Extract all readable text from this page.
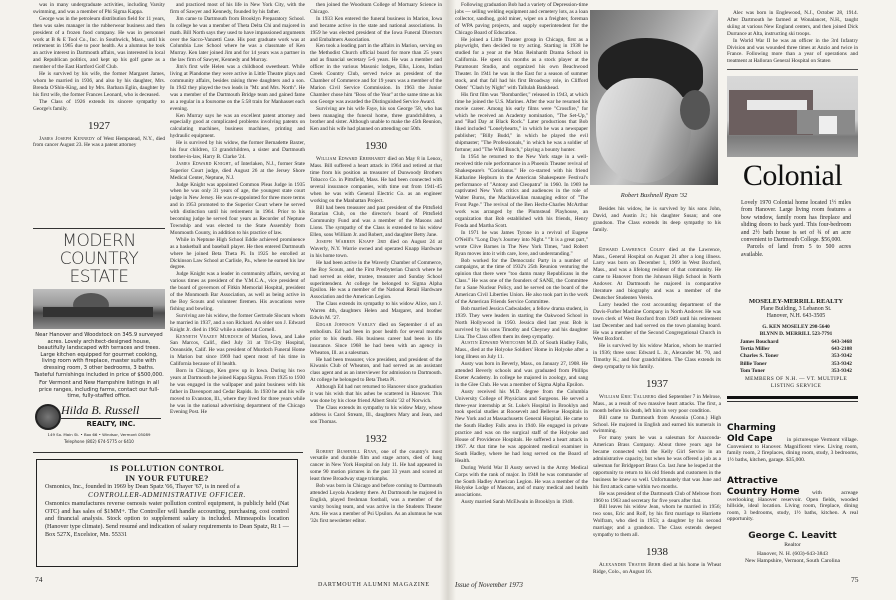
was in many undergraduate activities, including Varsity swimming, and was a member of Phi Sigma Kappa.

George was in the petroleum distribution field for 11 years, then was sales manager in the rubberwear business and then president of a frozen food company. He was in personnel work at B & E Tool Co., Inc. in Southwick, Mass., until his retirement in 1965 due to poor health. As a alumnus he took an active interest in Dartmouth affairs, was interested in local and Republican politics, and kept up his golf game as a member of the East Hartford Golf Club.

He is survived by his wife, the former Margaret James, whom he married in 1936, and also by his daughter, Mrs. Brenda O'Shin-King, and by Mrs. Barbara Eglin, daughter by his first wife, the former Frances Leonard, who is deceased.

The Class of 1926 extends its sincere sympathy to George's family.

1927

James Joseph Kennedy of West Hempstead, N.Y., died from cancer August 23. He was a patent attorney

and practiced most of his life in New York City, with the firm of Sawyer and Kennedy, founded by his father.

Jim came to Dartmouth from Brooklyn Preparatory School. In college he was a member of Theta Delta Chi and majored in math. Bill North says they used to have impassioned arguments over the Sacco-Vanzetti Case. His post graduate work was at Columbia Law School where he was a classmate of Ken Murray. Ken later joined Jim and for 14 years was a partner in the law firm of Sawyer, Kennedy and Murray.

Jim's first wife Helen was a childhood sweetheart. While living at Plandome they were active in Little Theatre plays and community affairs, besides raising three daughters and a son. In 1942 they played the two leads in "Mr. and Mrs. North". He was a member of the Dartmouth Bridge team and gained fame as a regular in a foursome on the 5:58 train for Manhasset each evening.

Ken Murray says he was an excellent patent attorney and especially good at complicated problems involving patents on calculating machines, business machines, printing and hydraulic equipment.

He is survived by his widow, the former Bernadette Baxter, his four children, 13 grandchildren, a sister and Dartmouth brother-in-law, Harry B. Clarke '24.

James Edward Knight, of Interlaken, N.J., former State Superior Court judge, died August 26 at the Jersey Shore Medical Center, Neptune, N.J.

Judge Knight was appointed Common Pleas Judge in 1935 when he was only 31 years of age, the youngest state court judge in New Jersey. He was re-appointed for three more terms and in 1953 promoted to the Superior Court where he served with distinction until his retirement in 1964. Prior to his becoming judge he served four years as Recorder of Neptune Township and was elected to the State Assembly from Monmouth County, in addition to his practice of law.

While in Neptune High School Eddie achieved prominence as a basketball and baseball player. He then entered Dartmouth where he joined Beta Theta Pi. In 1925 he enrolled at Dickinson Law School at Carlisle, Pa., where he earned his law degree.

Judge Knight was a leader in community affairs, serving at various times as president of the Y.M.C.A., vice president of the board of governors of Fitkin Memorial Hospital, president of the Monmouth Bar Association, as well as being active in the Boy Scouts and volunteer firemen. His avocations were fishing and bowling.

Surviving are his widow, the former Gertrude Slocum whom he married in 1937, and a son Richard. An older son J. Edward Knight Jr. died in 1962 while a student at Cornell.

Kenneth Veazey Murdoch of Marion, Iowa, and Lake San Marcos, Calif., died July 31 at Tri-City Hospital, Oceanside, Calif. He was president of Murdoch Funeral Home in Marion but since 1969 had spent most of his time in California because of ill health.

Born in Chicago, Ken grew up in Iowa. During his two years at Dartmouth he joined Kappa Sigma. From 1925 to 1930 he was engaged in the wallpaper and paint business with his father in Davenport and Cedar Rapids. In 1930 he and his wife moved to Evanston, Ill., where they lived for three years while he was in the national advertising department of the Chicago Evening Post. He

then joined the Woodsum College of Mortuary Science in Chicago.

In 1933 Ken entered the funeral business in Marion, Iowa and became active in the state and national associations. In 1959 he was elected president of the Iowa Funeral Directors and Embalmers Association.

Ken took a leading part in the affairs in Marion, serving on the Methodist Church official board for more than 25 years and as financial secretary 5-6 years. He was a member and officer in the various Masonic lodges, Elks, Lions, Indian Creek Country Club, served twice as president of the Chamber of Commerce and for 19 years was a member of the Marion Civil Service Commission. In 1963 the Junior Chamber chose him "Boss of the Year" at the same time as his son George was awarded the Distinguished Service Award.

Surviving are his wife Faye, his son George '58, who has been managing the funeral home, three grandchildren, a brother and sister. Although unable to make the 45th Reunion, Ken and his wife had planned on attending our 50th.

1930

William Edward Eberhardt died on May 8 in Lenox, Mass. Bill suffered a heart attack in 1964 and retired at that time from his position as treasurer of Dunwoody Brothers Tobacco Co. in Pittsfield, Mass. He had been connected with several insurance companies, with time out from 1941-45 when he was with General Electric Co. as an engineer working on the Manhattan Project.

Bill had been treasurer and past president of the Pittsfield Rotarian Club, on the director's board of Pittsfield Community Fund and was a member of the Masons and Lions. The sympathy of the Class is extended to his widow Ellen, sons William Jr. and Robert, and daughter Betty Jane.

Joseph Warren Knapp 3rd died on August 24 at Waverly, N.Y. Warrie owned and operated Knapp Hardware in his home town.

He had been active in the Waverly Chamber of Commerce, the Boy Scouts, and the First Presbyterian Church where he had served as elder, trustee, treasurer and Sunday School superintendent. At college he belonged to Sigma Alpha Epsilon. He was a member of the National Retail Hardware Association and the American Legion.

The Class extends its sympathy to his widow Alice, son J. Warren 4th, daughters Helen and Margaret, and brother Edwin M. '27.

Edgar Johnson Varley died on September 4 of an embolism. Ed had been in poor health for several months prior to his death. His business career had been in life insurance. Since 1968 he had been with an agency in Wheaton, Ill. as a salesman.

He had been treasurer, vice president, and president of the Kiwanis Club of Wheaton, and had served as an assistant class agent and as an interviewer for admission to Dartmouth. At college he belonged to Beta Theta Pi.

Although Ed had not returned to Hanover since graduation it was his wish that his ashes be scattered in Hanover. This was done by his close friend Albert Stolz '32 of Norwich.

The Class extends its sympathy to his widow Mary, whose address is Carol Stream, Ill., daughters Mary and Jean, and son Thomas.

1932

Robert Bushnell Ryan, one of the country's most versatile and durable film and stage actors, died of lung cancer in New York Hospital on July 11. He had appeared in some 90 motion pictures in the past 33 years and scored at least three Broadway stage triumphs.

Bob was born in Chicago and before coming to Dartmouth attended Loyola Academy there. At Dartmouth he majored in English, played freshman football, was a member of the varsity boxing team, and was active in the Students Theater Arts. He was a member of Psi Upsilon. As an alumnus he was '32s first newsletter editor.

MODERN COUNTRY ESTATE

Near Hanover and Woodstock on 345.9 surveyed acres. Lovely architect-designed house, beautifully landscaped with terraces and trees. Large kitchen equipped for gourmet cooking, living room with fireplace, master suite with dressing room, 3 other bedrooms, 3 baths. Tasteful furnishings included in price of $500,000.

For Vermont and New Hampshire listings in all price ranges, including farms, contact our full-time, fully-staffed office.

Hilda B. Russell
REALTY, INC.
149 So. Main St. • Box 66 • Windsor, Vermont 05089
Telephone (802) 674-5775 or 6410
IS POLLUTION CONTROL
IN YOUR FUTURE?

Osmonics, Inc., founded in 1969 by Dean Spatz '66, Thayer '67, is in need of a

CONTROLLER-ADMINISTRATIVE OFFICER.

Osmonics manufactures reverse osmosis water pollution control equipment, is publicly held (Nat OTC) and has sales of $1MM+. The Controller will handle accounting, purchasing, cost control and financial analysis. Stock option to supplement salary is included. Minneapolis location (Hanover type climate). Send resumé and indication of salary requirements to Dean Spatz, Rt 1 — Box 527X, Excelsior, Mn. 55331

74
DARTMOUTH ALUMNI MAGAZINE

Following graduation Bob had a variety of Depression-time jobs — selling welding equipment and cemetery lots, as a loan collector, sandhog, gold miner, wiper on a freighter, foreman of WPA paving projects, and supply superintendent for the Chicago Board of Education.

He joined a Little Theater group in Chicago, first as a playwright, then decided to try acting. Starting in 1938 he studied for a year at the Max Reinhardt Drama School in California. He spent six months as a stock player at the Paramount Studio, and organized his own Beachwood Theater. In 1941 he was in the East for a season of summer stock, and that fall had his first Broadway role, in Clifford Odets' "Clash by Night" with Tallulah Bankhead.

His first film was "Bombardier," released in 1943, at which time he joined the U.S. Marines. After the war he resumed his movie career. Among his early films were "Crossfire," for which he received an Academy nomination, "The Set-Up," and "Bad Day at Black Rock." Later productions that Bob liked included "Lonelyhearts," in which he was a newspaper publisher; "Billy Budd," in which he played the evil shipmaster; "The Professionals," in which he was a soldier of fortune; and "The Wild Bunch," playing a bounty hunter.

In 1954 he returned to the New York stage in a well-received title role performance in a Phoenix Theater revival of Shakespeare's "Coriolanus." He co-starred with his friend Katharine Hepburn in the American Shakespeare Festival's performance of "Antony and Cleopatra" in 1960. In 1969 he captivated New York critics and audiences in the role of Walter Burns, the Machiavellian managing editor of "The Front Page." The revival of the Ben Hecht-Charles McArthur work was arranged by the Plumstead Playhouse, an organization that Bob established with his friends, Henry Fonda and Martha Scott.

In 1971 he was James Tyrone in a revival of Eugene O'Neill's "Long Day's Journey into Night." "It is a great part," wrote Clive Barnes in The New York Times, "and Robert Ryan moves into it with care, love, and understanding."

Bob worked for the Democratic Party in a number of campaigns, at the time of 1932's 25th Reunion venturing the opinion that there were "too damn many Republicans in the Class." He was one of the founders of SANE, the Committee for a Sane Nuclear Policy, and he served on the board of the American Civil Liberties Union. He also took part in the work of the American Friends Service Committee.

Bob married Jessica Cadwalader, a fellow drama student, in 1939. They were leaders in starting the Oakwood School in North Hollywood in 1950. Jessica died last year. Bob is survived by his sons Timothy and Cheyney and his daughter Lisa. The Class offers them its deep sympathy.

Austin Edward Whitcomb M.D. of South Hadley Falls, Mass., died at the Holyoke Soldiers' Home in Holyoke after a long illness on July 11.

Austy was born in Beverly, Mass., on January 27, 1908. He attended Beverly schools and was graduated from Phillips Exeter Academy. In college he majored in zoology, and sang in the Glee Club. He was a member of Sigma Alpha Epsilon.

Austy received his M.D. degree from the Columbia University College of Physicians and Surgeons. He served a three-year internship at St. Luke's Hospital in Brooklyn and took special studies at Roosevelt and Bellevue Hospitals in New York and at Massachusetts General Hospital. He came to the South Hadley Falls area in 1940. He engaged in private practice and was on the surgical staff of the Holyoke and House of Providence Hospitals. He suffered a heart attack in 1967. At that time he was appointed medical examiner in South Hadley, where he had long served on the Board of Health.

During World War II Austy served in the Army Medical Corps with the rank of major. In 1948 he was commander of the South Hadley American Legion. He was a member of the Holyoke Lodge of Masons, and of many medical and health associations.

Austy married Sarah McElwain in Brooklyn in 1940.

Robert Bushnell Ryan '32

Besides his widow, he is survived by his sons John, David, and Austin Jr.; his daughter Susan; and one grandson. The Class extends its deep sympathy to his family.

Edward Lawrence Colby died at the Lawrence, Mass., General Hospital on August 21 after a long illness. Larry was born on December 1, 1909 in West Boxford, Mass., and was a lifelong resident of that community. He came to Hanover from the Johnson High School in North Andover. At Dartmouth he majored in comparative literature and biography and was a member of the Deutscher Studenten Verein.

Larry headed the cost accounting department of the Davis-Furber Machine Company in North Andover. He was town clerk of West Boxford from 1949 until his retirement last December and had served on the town planning board. He was a member of the Second Congregational Church in West Boxford.

He is survived by his widow Marion, whom he married in 1936; three sons: Edward L. Jr., Alexander M. '70, and Timothy K.; and four grandchildren. The Class extends its deep sympathy to his family.

1937

William Eric Tallberg died September 7 in Melrose, Mass., as a result of two massive heart attacks. The first, a month before his death, left him in very poor condition.

Bill came to Dartmouth from Ansonia (Conn.) High School. He majored in English and earned his numerals in swimming.

For many years he was a salesman for Anaconda-American Brass Company. About three years ago he became connected with the Kelly Girl Service in an administrative capacity, but when he was offered a job as a salesman for Bridgeport Brass Co. last June he leaped at the opportunity to return to his old friends and customers in the business he knew so well. Unfortunately that was June and his first attack came within two months.

He was president of the Dartmouth Club of Melrose from 1960 to 1963 and secretary for five years after that.

Bill leaves his widow Jean, whom he married in 1956; two sons, Eric and Rolf, by his first marriage to Harriette Wolfram, who died in 1953; a daughter by his second marriage; and a grandson. The Class extends deepest sympathy to them all.

1938

Alexander Thayer Behr died at his home in Wheat Ridge, Colo., on August 16.

Alec was born in Englewood, N.J., October 28, 1914. After Dartmouth he farmed at Wonalancet, N.H., taught skiing at various New England centers, and then joined Dick Durrance at Alta, instructing ski troops.

In World War II he was an officer in the 3rd Infantry Division and was wounded three times at Anzio and twice in France. Following more than a year of operations and treatment at Halloran General Hospital on Staten

Colonial

Lovely 1970 Colonial home located 1½ miles from Hanover. Large living room features a bow window, family room has fireplace and sliding doors to back yard. This four-bedroom and 2½ bath house is set of ¾ of an acre convenient to Dartmouth College. $56,000.

Parcels of land from 5 to 500 acres available.

MOSELEY-MERRILL REALTY
Plane Building, 3 Lebanon St.
Hanover, N.H. 643-3505
G. KEN MOSELEY 298-5640
BLYNN D. MERRILL 523-7791
James Bouchard	643-3468
Tertia Miller	643-2108
Charles S. Toner	353-9342
Billie Toner	353-9342
Tom Toner	353-9342
MEMBERS OF N.H. — VT. MULTIPLE LISTING SERVICE
Charming
Old Cape	in picturesque Vermont village. Convenient to Hanover. Magnificent view. Living room, family room, 2 fireplaces, dining room, study, 3 bedrooms, 1½ baths, kitchen, garage. $35,000.
Attractive
Country Home	with acreage overlooking Hanover reservoir. Open fields, wooded hillside, ideal location. Living room, fireplace, dining room, 3 bedrooms, study, 1½ baths, kitchen. A real opportunity.
George C. Leavitt
Realtor
Hanover, N. H. (603)-643-3843
New Hampshire, Vermont, South Carolina
Issue of November 1973
75
